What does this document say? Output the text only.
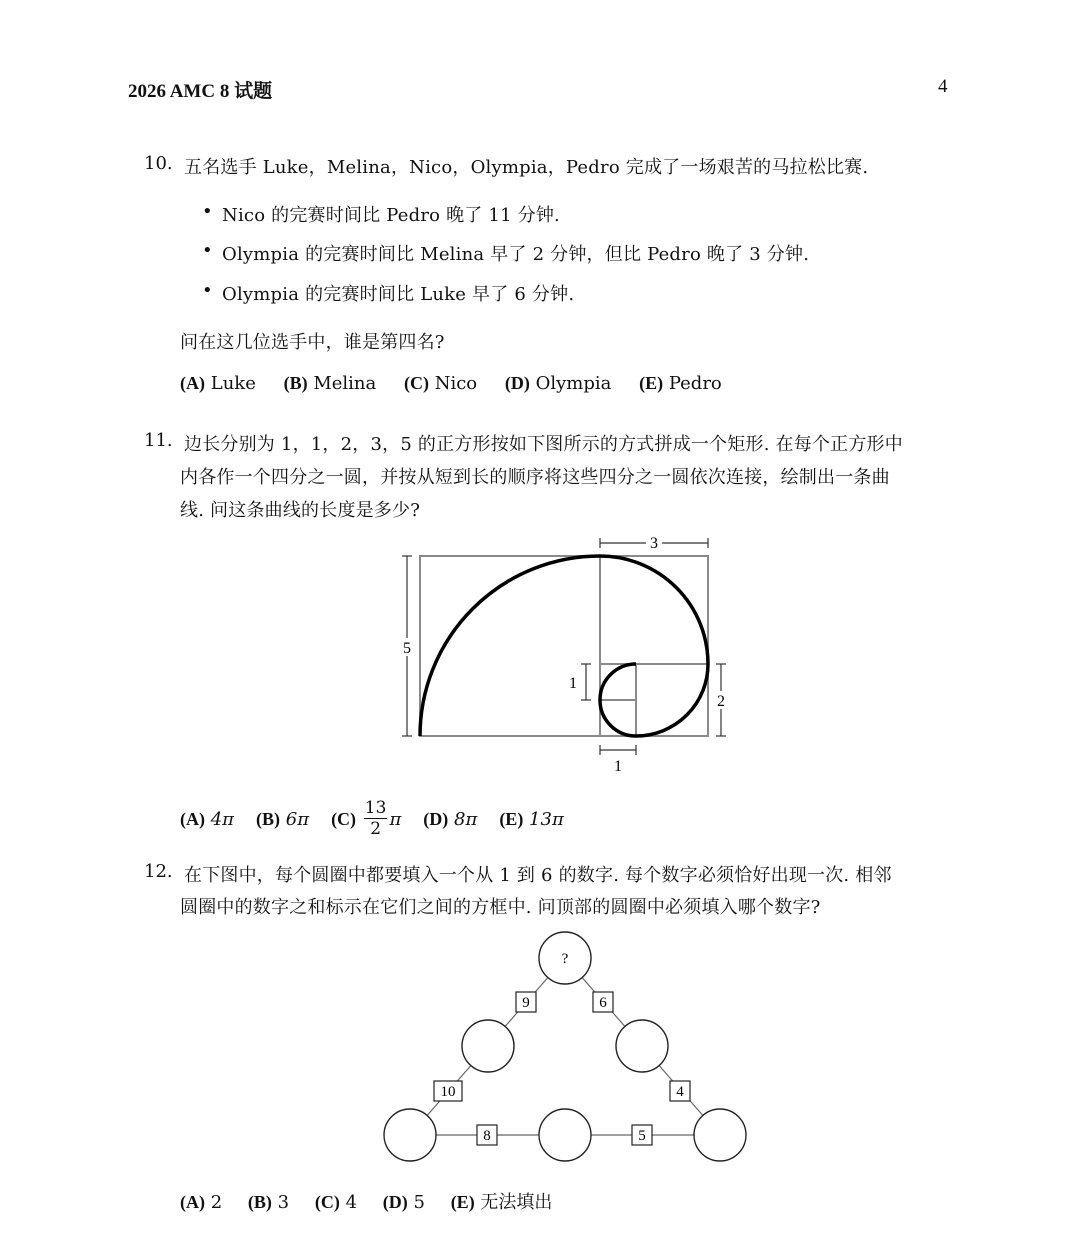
2026 AMC 8 试题	4
10. 五名选手 Luke，Melina，Nico，Olympia，Pedro 完成了一场艰苦的马拉松比赛.
• Nico 的完赛时间比 Pedro 晚了 11 分钟.
• Olympia 的完赛时间比 Melina 早了 2 分钟，但比 Pedro 晚了 3 分钟.
• Olympia 的完赛时间比 Luke 早了 6 分钟.
问在这几位选手中，谁是第四名?
(A) Luke (B) Melina (C) Nico (D) Olympia (E) Pedro
11. 边长分别为 1，1，2，3，5 的正方形按如下图所示的方式拼成一个矩形. 在每个正方形中
内各作一个四分之一圆，并按从短到长的顺序将这些四分之一圆依次连接，绘制出一条曲
线. 问这条曲线的长度是多少?
3
5
1
2
1
(A) 4π (B) 6π (C)
$\frac{13}{2}$ π (D) 8π (E) 13π
12. 在下图中，每个圆圈中都要填入一个从 1 到 6 的数字. 每个数字必须恰好出现一次. 相邻
圆圈中的数字之和标示在它们之间的方框中. 问顶部的圆圈中必须填入哪个数字?
?
9	6
10	4
8	5
(A) 2 (B) 3 (C) 4 (D) 5 (E) 无法填出
